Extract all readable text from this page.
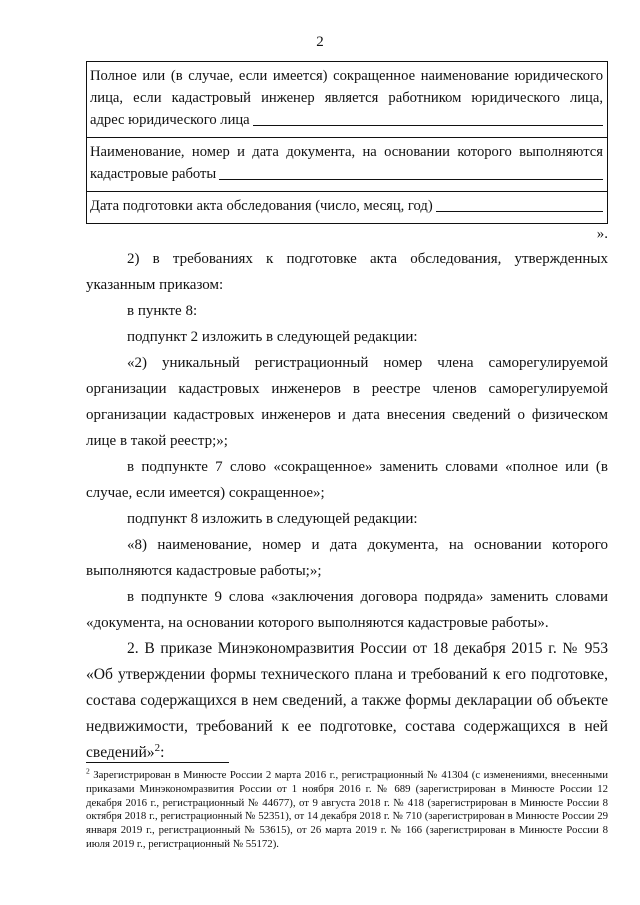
2
Полное или (в случае, если имеется) сокращенное наименование юридического
лица, если кадастровый инженер является работником юридического лица,
адрес юридического лица

Наименование, номер и дата документа, на основании которого выполняются
кадастровые работы

Дата подготовки акта обследования (число, месяц, год)
».

2) в требованиях к подготовке акта обследования, утвержденных

указанным приказом:

в пункте 8:

подпункт 2 изложить в следующей редакции:

«2) уникальный регистрационный номер члена саморегулируемой

организации кадастровых инженеров в реестре членов саморегулируемой

организации кадастровых инженеров и дата внесения сведений о физическом

лице в такой реестр;»;

в подпункте 7 слово «сокращенное» заменить словами «полное или (в

случае, если имеется) сокращенное»;

подпункт 8 изложить в следующей редакции:

«8) наименование, номер и дата документа, на основании которого

выполняются кадастровые работы;»;

в подпункте 9 слова «заключения договора подряда» заменить словами

«документа, на основании которого выполняются кадастровые работы».

2. В приказе Минэкономразвития России от 18 декабря 2015 г. № 953

«Об утверждении формы технического плана и требований к его подготовке,

состава содержащихся в нем сведений, а также формы декларации об объекте

недвижимости, требований к ее подготовке, состава содержащихся в ней

сведений»$^2$:

$^2$ Зарегистрирован в Минюсте России 2 марта 2016 г., регистрационный № 41304 (с изменениями, внесенными приказами Минэкономразвития России от 1 ноября 2016 г. № 689 (зарегистрирован в Минюсте России 12 декабря 2016 г., регистрационный № 44677), от 9 августа 2018 г. № 418 (зарегистрирован в Минюсте России 8 октября 2018 г., регистрационный № 52351), от 14 декабря 2018 г. № 710 (зарегистрирован в Минюсте России 29 января 2019 г., регистрационный № 53615), от 26 марта 2019 г. № 166 (зарегистрирован в Минюсте России 8 июля 2019 г., регистрационный № 55172).
